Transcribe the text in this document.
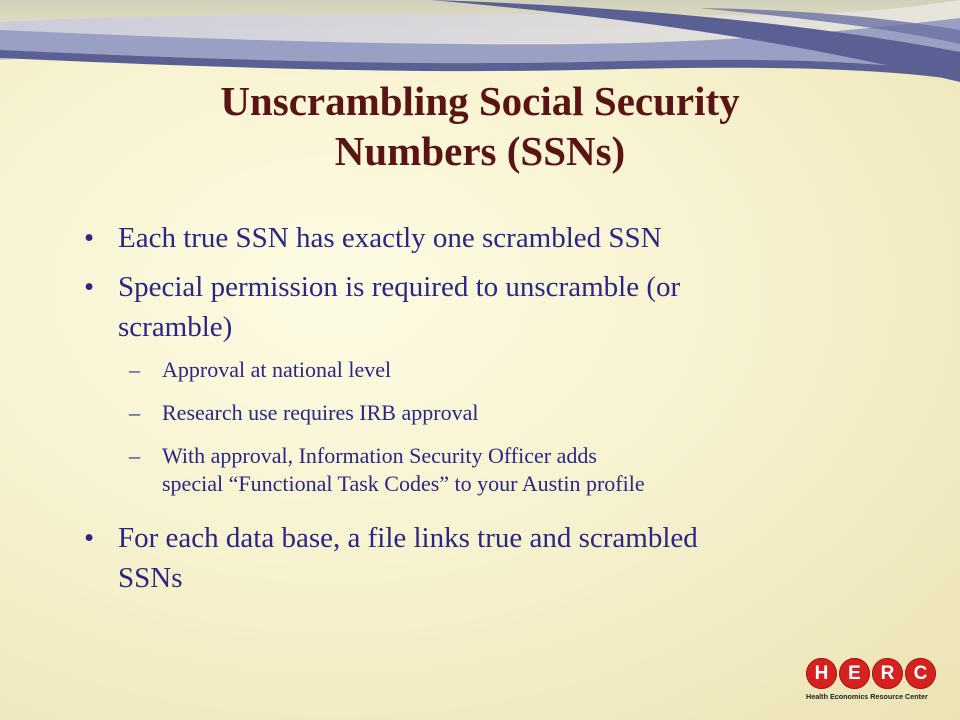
Unscrambling Social Security
Numbers (SSNs)
• Each true SSN has exactly one scrambled SSN
• Special permission is required to unscramble (or
scramble)
– Approval at national level
– Research use requires IRB approval
– With approval, Information Security Officer adds
special “Functional Task Codes” to your Austin profile
• For each data base, a file links true and scrambled
SSNs
H	E	R	C
Health Economics Resource Center
